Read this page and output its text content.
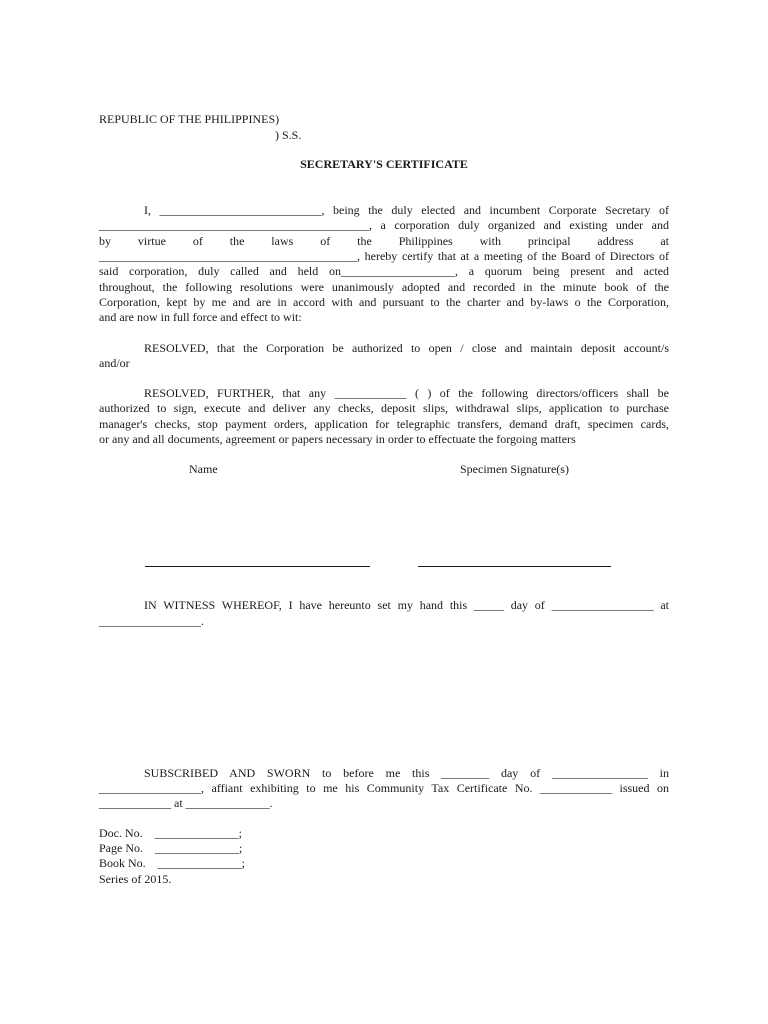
REPUBLIC OF THE PHILIPPINES)
) S.S.
SECRETARY'S CERTIFICATE
I, ___________________________, being the duly elected and incumbent Corporate Secretary of
_____________________________________________, a corporation duly organized and existing under and
by virtue of the laws of the Philippines with principal address at
___________________________________________, hereby certify that at a meeting of the Board of Directors of
said corporation, duly called and held on___________________, a quorum being present and acted
throughout, the following resolutions were unanimously adopted and recorded in the minute book of the
Corporation, kept by me and are in accord with and pursuant to the charter and by-laws o the Corporation,
and are now in full force and effect to wit:
RESOLVED, that the Corporation be authorized to open / close and maintain deposit account/s
and/or
RESOLVED, FURTHER, that any ____________ ( ) of the following directors/officers shall be
authorized to sign, execute and deliver any checks, deposit slips, withdrawal slips, application to purchase
manager's checks, stop payment orders, application for telegraphic transfers, demand draft, specimen cards,
or any and all documents, agreement or papers necessary in order to effectuate the forgoing matters
Name	Specimen Signature(s)
IN WITNESS WHEREOF, I have hereunto set my hand this _____ day of _________________ at
_________________.
SUBSCRIBED AND SWORN to before me this ________ day of ________________ in
_________________, affiant exhibiting to me his Community Tax Certificate No. ____________ issued on
____________ at ______________.
Doc. No.    ______________;
Page No.    ______________;
Book No.    ______________;
Series of 2015.
